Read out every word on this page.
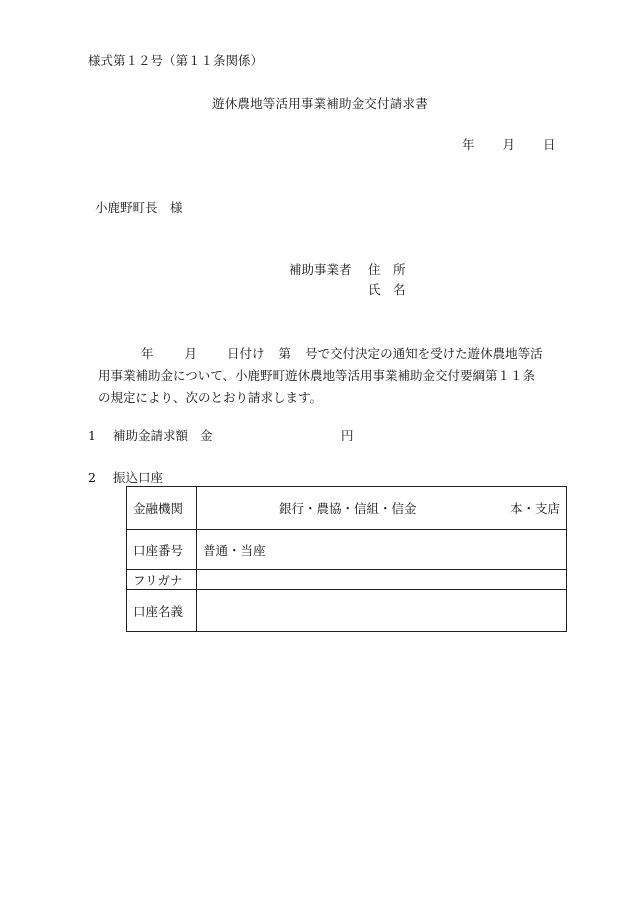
様式第１２号（第１１条関係）
遊休農地等活用事業補助金交付請求書
年 月 日
小鹿野町長　様
補助事業者 住　所
氏　名
年 月 日付け 第 号で交付決定の通知を受けた遊休農地等活
用事業補助金について、小鹿野町遊休農地等活用事業補助金交付要綱第１１条
の規定により、次のとおり請求します。
1 補助金請求額 金	円
2 振込口座
金融機関	銀行・農協・信組・信金 本・支店

口座番号	普通・当座
フリガナ	
口座名義	
